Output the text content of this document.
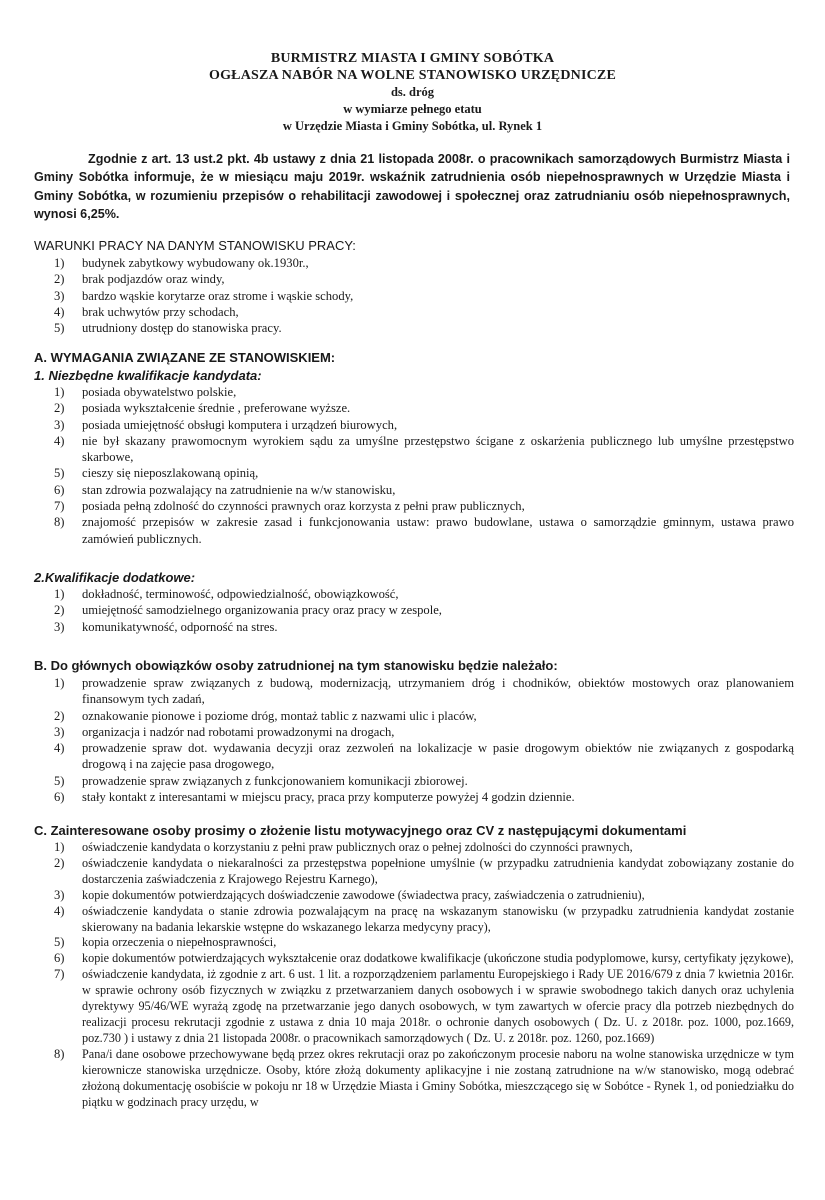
BURMISTRZ MIASTA I GMINY SOBÓTKA
OGŁASZA NABÓR NA WOLNE STANOWISKO URZĘDNICZE
ds. dróg
w wymiarze pełnego etatu
w Urzędzie Miasta i Gminy Sobótka, ul. Rynek 1
Zgodnie z art. 13 ust.2 pkt. 4b ustawy z dnia 21 listopada 2008r. o pracownikach samorządowych Burmistrz Miasta i Gminy Sobótka informuje, że w miesiącu maju 2019r. wskaźnik zatrudnienia osób niepełnosprawnych w Urzędzie Miasta i Gminy Sobótka, w rozumieniu przepisów o rehabilitacji zawodowej i społecznej oraz zatrudnianiu osób niepełnosprawnych, wynosi 6,25%.
WARUNKI PRACY NA DANYM STANOWISKU PRACY:
1) budynek zabytkowy wybudowany ok.1930r.,
2) brak podjazdów oraz windy,
3) bardzo wąskie korytarze oraz strome i wąskie schody,
4) brak uchwytów przy schodach,
5) utrudniony dostęp do stanowiska pracy.
A. WYMAGANIA ZWIĄZANE ZE STANOWISKIEM:
1. Niezbędne kwalifikacje kandydata:
1) posiada obywatelstwo polskie,
2) posiada wykształcenie średnie , preferowane wyższe.
3) posiada umiejętność obsługi komputera i urządzeń biurowych,
4) nie był skazany prawomocnym wyrokiem sądu za umyślne przestępstwo ścigane z oskarżenia publicznego lub umyślne przestępstwo skarbowe,
5) cieszy się nieposzlakowaną opinią,
6) stan zdrowia pozwalający na zatrudnienie na w/w stanowisku,
7) posiada pełną zdolność do czynności prawnych oraz korzysta z pełni praw publicznych,
8) znajomość przepisów w zakresie zasad i funkcjonowania ustaw: prawo budowlane, ustawa o samorządzie gminnym, ustawa prawo zamówień publicznych.
2.Kwalifikacje dodatkowe:
1) dokładność, terminowość, odpowiedzialność, obowiązkowość,
2) umiejętność samodzielnego organizowania pracy oraz pracy w zespole,
3) komunikatywność, odporność na stres.
B. Do głównych obowiązków osoby zatrudnionej na tym stanowisku będzie należało:
1) prowadzenie spraw związanych z budową, modernizacją, utrzymaniem dróg i chodników, obiektów mostowych oraz planowaniem finansowym tych zadań,
2) oznakowanie pionowe i poziome dróg, montaż tablic z nazwami ulic i placów,
3) organizacja i nadzór nad robotami prowadzonymi na drogach,
4) prowadzenie spraw dot. wydawania decyzji oraz zezwoleń na lokalizacje w pasie drogowym obiektów nie związanych z gospodarką drogową i na zajęcie pasa drogowego,
5) prowadzenie spraw związanych z funkcjonowaniem komunikacji zbiorowej.
6) stały kontakt z interesantami w miejscu pracy, praca przy komputerze powyżej 4 godzin dziennie.
C. Zainteresowane osoby prosimy o złożenie listu motywacyjnego oraz CV z następującymi dokumentami
1) oświadczenie kandydata o korzystaniu z pełni praw publicznych oraz o pełnej zdolności do czynności prawnych,
2) oświadczenie kandydata o niekaralności za przestępstwa popełnione umyślnie (w przypadku zatrudnienia kandydat zobowiązany zostanie do dostarczenia zaświadczenia z Krajowego Rejestru Karnego),
3) kopie dokumentów potwierdzających doświadczenie zawodowe (świadectwa pracy, zaświadczenia o zatrudnieniu),
4) oświadczenie kandydata o stanie zdrowia pozwalającym na pracę na wskazanym stanowisku (w przypadku zatrudnienia kandydat zostanie skierowany na badania lekarskie wstępne do wskazanego lekarza medycyny pracy),
5) kopia orzeczenia o niepełnosprawności,
6) kopie dokumentów potwierdzających wykształcenie oraz dodatkowe kwalifikacje (ukończone studia podyplomowe, kursy, certyfikaty językowe),
7) oświadczenie kandydata, iż zgodnie z art. 6 ust. 1 lit. a rozporządzeniem parlamentu Europejskiego i Rady UE 2016/679 z dnia 7 kwietnia 2016r. w sprawie ochrony osób fizycznych w związku z przetwarzaniem danych osobowych i w sprawie swobodnego takich danych oraz uchylenia dyrektywy 95/46/WE wyrażą zgodę na przetwarzanie jego danych osobowych, w tym zawartych w ofercie pracy dla potrzeb niezbędnych do realizacji procesu rekrutacji zgodnie z ustawa z dnia 10 maja 2018r. o ochronie danych osobowych ( Dz. U. z 2018r. poz. 1000, poz.1669, poz.730 ) i ustawy z dnia 21 listopada 2008r. o pracownikach samorządowych ( Dz. U. z 2018r. poz. 1260, poz.1669)
8) Pana/i dane osobowe przechowywane będą przez okres rekrutacji oraz po zakończonym procesie naboru na wolne stanowiska urzędnicze w tym kierownicze stanowiska urzędnicze. Osoby, które złożą dokumenty aplikacyjne i nie zostaną zatrudnione na w/w stanowisko, mogą odebrać złożoną dokumentację osobiście w pokoju nr 18 w Urzędzie Miasta i Gminy Sobótka, mieszczącego się w Sobótce - Rynek 1, od poniedziałku do piątku w godzinach pracy urzędu, w
